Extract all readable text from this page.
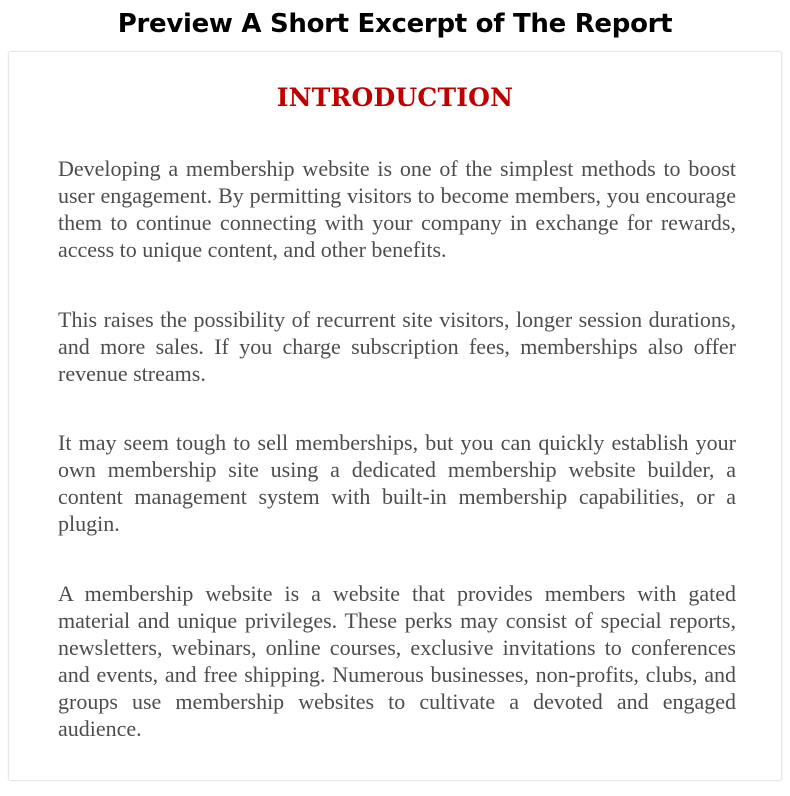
Preview A Short Excerpt of The Report
INTRODUCTION

Developing a membership website is one of the simplest methods to boost user engagement. By permitting visitors to become members, you encourage them to continue connecting with your company in exchange for rewards, access to unique content, and other benefits.

This raises the possibility of recurrent site visitors, longer session durations, and more sales. If you charge subscription fees, memberships also offer revenue streams.

It may seem tough to sell memberships, but you can quickly establish your own membership site using a dedicated membership website builder, a content management system with built-in membership capabilities, or a plugin.

A membership website is a website that provides members with gated material and unique privileges. These perks may consist of special reports, newsletters, webinars, online courses, exclusive invitations to conferences and events, and free shipping. Numerous businesses, non-profits, clubs, and groups use membership websites to cultivate a devoted and engaged audience.
